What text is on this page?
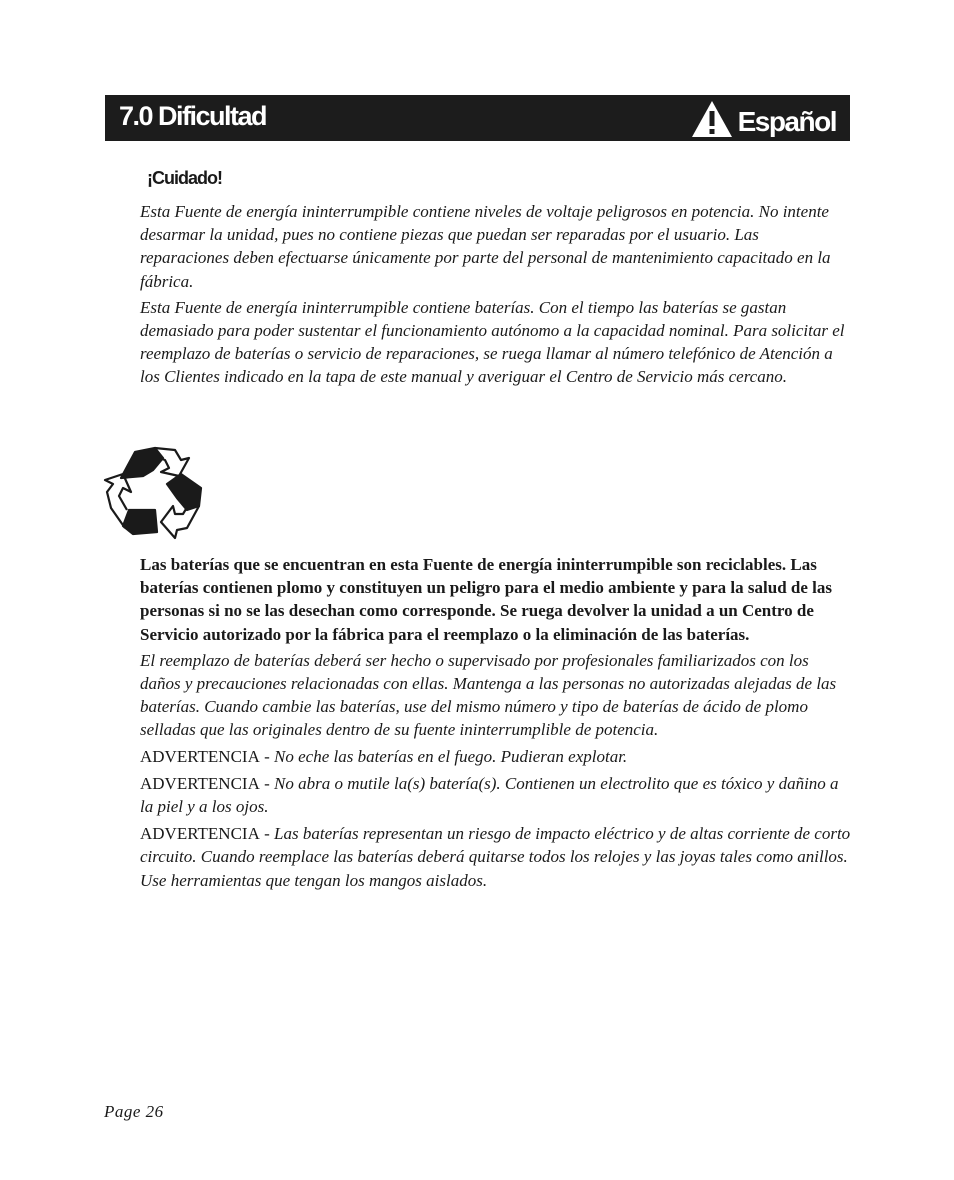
7.0 Dificultad	Español
¡Cuidado!

Esta Fuente de energía ininterrumpible contiene niveles de voltaje peligrosos en potencia. No intente desarmar la unidad, pues no contiene piezas que puedan ser reparadas por el usuario. Las reparaciones deben efectuarse únicamente por parte del personal de mantenimiento capacitado en la fábrica.

Esta Fuente de energía ininterrumpible contiene baterías. Con el tiempo las baterías se gastan demasiado para poder sustentar el funcionamiento autónomo a la capacidad nominal. Para solicitar el reemplazo de baterías o servicio de reparaciones, se ruega llamar al número telefónico de Atención a los Clientes indicado en la tapa de este manual y averiguar el Centro de Servicio más cercano.

Las baterías que se encuentran en esta Fuente de energía ininterrumpible son reciclables. Las baterías contienen plomo y constituyen un peligro para el medio ambiente y para la salud de las personas si no se las desechan como corresponde. Se ruega devolver la unidad a un Centro de Servicio autorizado por la fábrica para el reemplazo o la eliminación de las baterías.

El reemplazo de baterías deberá ser hecho o supervisado por profesionales familiarizados con los daños y precauciones relacionadas con ellas. Mantenga a las personas no autorizadas alejadas de las baterías. Cuando cambie las baterías, use del mismo número y tipo de baterías de ácido de plomo selladas que las originales dentro de su fuente ininterrumplible de potencia.

ADVERTENCIA - No eche las baterías en el fuego. Pudieran explotar.

ADVERTENCIA - No abra o mutile la(s) batería(s). Contienen un electrolito que es tóxico y dañino a la piel y a los ojos.

ADVERTENCIA - Las baterías representan un riesgo de impacto eléctrico y de altas corriente de corto circuito. Cuando reemplace las baterías deberá quitarse todos los relojes y las joyas tales como anillos. Use herramientas que tengan los mangos aislados.

Page 26
